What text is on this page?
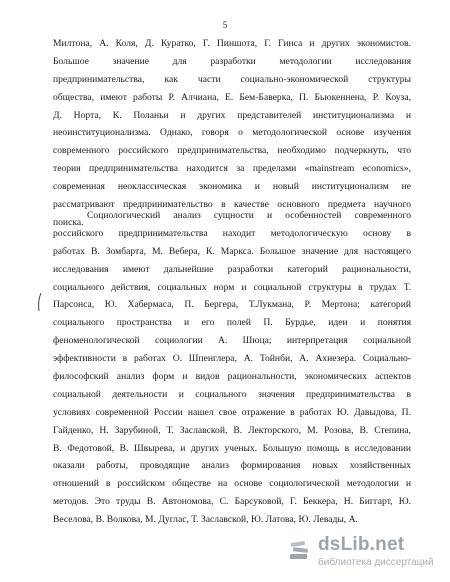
5
Милтона, А. Коля, Д. Куратко, Г. Пиншота, Г. Гинса и других экономистов.
Большое значение для разработки методологии исследования
предпринимательства, как части социально-экономической структуры
общества, имеют работы Р. Алчиана, Е. Бем-Баверка, П. Бьюкеннена, Р. Коуза,
Д. Норта, К. Поланьи и других представителей институционализма и
неоинституционализма. Однако, говоря о методологической основе изучения
современного российского предпринимательства, необходимо подчеркнуть, что
теория предпринимательства находится за пределами «mainstream economics»,
современная неоклассическая экономика и новый институционализм не
рассматривают предпринимательство в качестве основного предмета научного
поиска.
Социологический анализ сущности и особенностей современного
российского предпринимательства находит методологическую основу в
работах В. Зомбарта, М. Вебера, К. Маркса. Большое значение для настоящего
исследования имеют дальнейшие разработки категорий рациональности,
социального действия, социальных норм и социальной структуры в трудах Т.
Парсонса, Ю. Хабермаса, П. Бергера, Т.Лукмана, Р. Мертона; категорий
социального пространства и его полей П. Бурдье, идеи и понятия
феноменологической социологии А. Шюца; интерпретация социальной
эффективности в работах О. Шпенглера, А. Тойнби, А. Ахиезера. Социально-
философский анализ форм и видов рациональности, экономических аспектов
социальной деятельности и социального значения предпринимательства в
условиях современной России нашел свое отражение в работах Ю. Давыдова, П.
Гайденко, Н. Зарубиной, Т. Заславской, В. Лекторского, М. Розова, В. Степина,
В. Федотовой, В. Швырева, и других ученых. Большую помощь в исследовании
оказали работы, проводящие анализ формирования новых хозяйственных
отношений в российском обществе на основе социологической методологии и
методов. Это труды В. Автономова, С. Барсуковой, Г. Беккера, Н. Биггарт, Ю.
Веселова, В. Волкова, М. Дуглас, Т. Заславской, Ю. Латова, Ю. Левады, А.
dsLib.net
библиотека диссертаций
